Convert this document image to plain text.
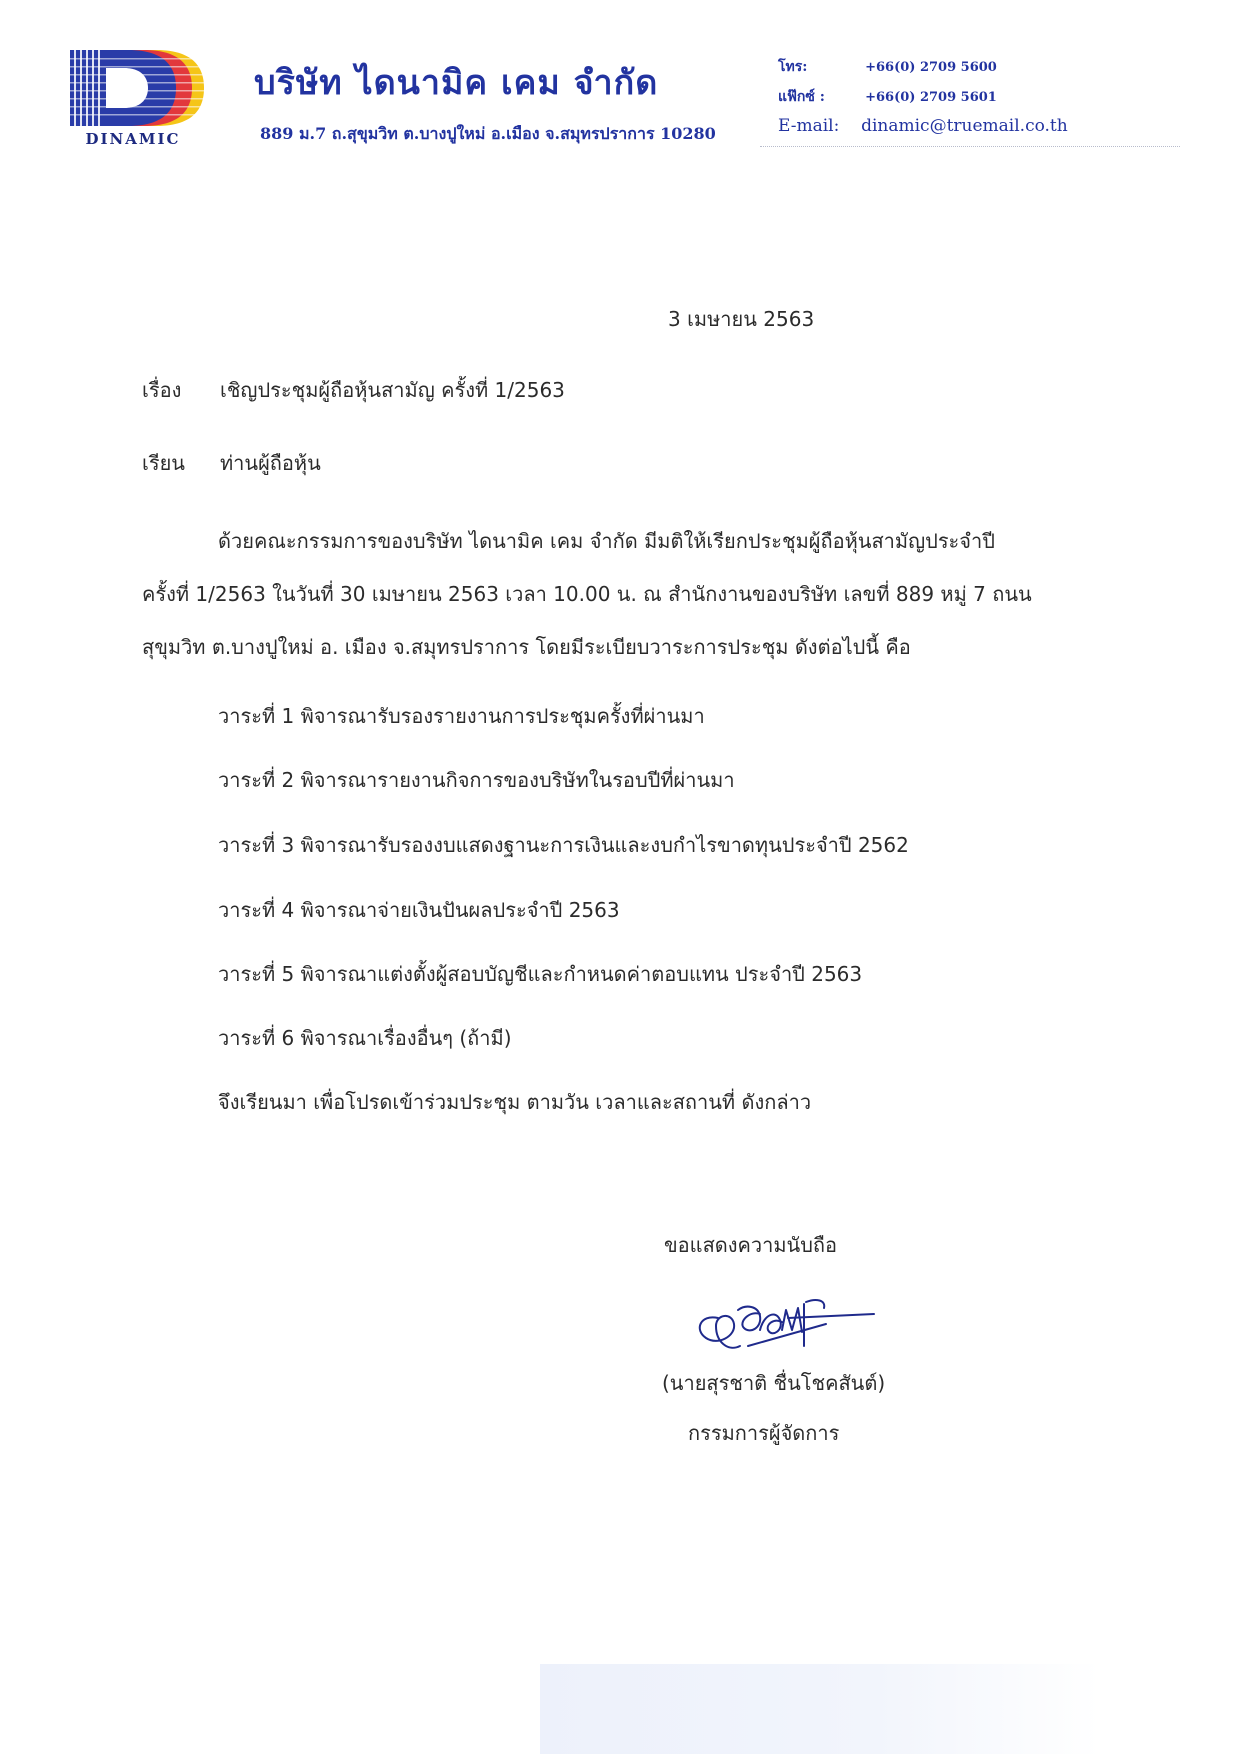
DINAMIC
บริษัท ไดนามิค เคม จำกัด
889 ม.7 ถ.สุขุมวิท ต.บางปูใหม่ อ.เมือง จ.สมุทรปราการ 10280
โทร:	+66(0) 2709 5600
แฟ๊กซ์ :	+66(0) 2709 5601
E-mail: dinamic@truemail.co.th
3 เมษายน 2563
เรื่อง เชิญประชุมผู้ถือหุ้นสามัญ ครั้งที่ 1/2563
เรียน ท่านผู้ถือหุ้น
ด้วยคณะกรรมการของบริษัท ไดนามิค เคม จำกัด มีมติให้เรียกประชุมผู้ถือหุ้นสามัญประจำปี
ครั้งที่ 1/2563 ในวันที่ 30 เมษายน 2563 เวลา 10.00 น. ณ สำนักงานของบริษัท เลขที่ 889 หมู่ 7 ถนน
สุขุมวิท ต.บางปูใหม่ อ. เมือง จ.สมุทรปราการ โดยมีระเบียบวาระการประชุม ดังต่อไปนี้ คือ
วาระที่ 1 พิจารณารับรองรายงานการประชุมครั้งที่ผ่านมา
วาระที่ 2 พิจารณารายงานกิจการของบริษัทในรอบปีที่ผ่านมา
วาระที่ 3 พิจารณารับรองงบแสดงฐานะการเงินและงบกำไรขาดทุนประจำปี 2562
วาระที่ 4 พิจารณาจ่ายเงินปันผลประจำปี 2563
วาระที่ 5 พิจารณาแต่งตั้งผู้สอบบัญชีและกำหนดค่าตอบแทน ประจำปี 2563
วาระที่ 6 พิจารณาเรื่องอื่นๆ (ถ้ามี)
จึงเรียนมา เพื่อโปรดเข้าร่วมประชุม ตามวัน เวลาและสถานที่ ดังกล่าว
ขอแสดงความนับถือ
(นายสุรชาติ ชื่นโชคสันต์)
กรรมการผู้จัดการ
